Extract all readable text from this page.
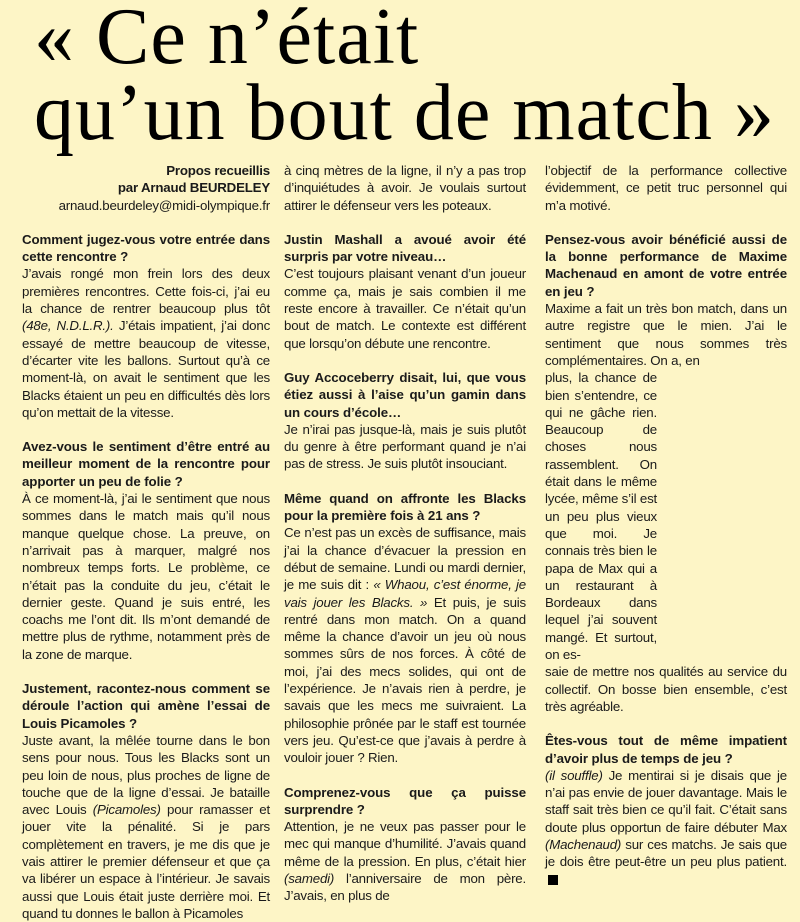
« Ce n’était
qu’un bout de match »

Propos recueillis
par Arnaud BEURDELEY

arnaud.beurdeley@midi-olympique.fr

Comment jugez-vous votre entrée dans cette rencontre ?

J’avais rongé mon frein lors des deux premières rencontres. Cette fois-ci, j’ai eu la chance de rentrer beaucoup plus tôt (48e, N.D.L.R.). J’étais impatient, j’ai donc essayé de mettre beaucoup de vitesse, d’écarter vite les ballons. Surtout qu’à ce moment-là, on avait le sentiment que les Blacks étaient un peu en difficultés dès lors qu’on mettait de la vitesse.

Avez-vous le sentiment d’être entré au meilleur moment de la rencontre pour apporter un peu de folie ?

À ce moment-là, j’ai le sentiment que nous sommes dans le match mais qu’il nous manque quelque chose. La preuve, on n’arrivait pas à marquer, malgré nos nombreux temps forts. Le problème, ce n’était pas la conduite du jeu, c’était le dernier geste. Quand je suis entré, les coachs me l’ont dit. Ils m’ont demandé de mettre plus de rythme, notamment près de la zone de marque.

Justement, racontez-nous comment se déroule l’action qui amène l’essai de Louis Picamoles ?

Juste avant, la mêlée tourne dans le bon sens pour nous. Tous les Blacks sont un peu loin de nous, plus proches de ligne de touche que de la ligne d’essai. Je bataille avec Louis (Picamoles) pour ramasser et jouer vite la pénalité. Si je pars complètement en travers, je me dis que je vais attirer le premier défenseur et que ça va libérer un espace à l’intérieur. Je savais aussi que Louis était juste derrière moi. Et quand tu donnes le ballon à Picamoles

à cinq mètres de la ligne, il n’y a pas trop d’inquiétudes à avoir. Je voulais surtout attirer le défenseur vers les poteaux.

Justin Mashall a avoué avoir été surpris par votre niveau…

C’est toujours plaisant venant d’un joueur comme ça, mais je sais combien il me reste encore à travailler. Ce n’était qu’un bout de match. Le contexte est différent que lorsqu’on débute une rencontre.

Guy Accoceberry disait, lui, que vous étiez aussi à l’aise qu’un gamin dans un cours d’école…

Je n’irai pas jusque-là, mais je suis plutôt du genre à être performant quand je n’ai pas de stress. Je suis plutôt insouciant.

Même quand on affronte les Blacks pour la première fois à 21 ans ?

Ce n’est pas un excès de suffisance, mais j’ai la chance d’évacuer la pression en début de semaine. Lundi ou mardi dernier, je me suis dit : « Whaou, c’est énorme, je vais jouer les Blacks. » Et puis, je suis rentré dans mon match. On a quand même la chance d’avoir un jeu où nous sommes sûrs de nos forces. À côté de moi, j’ai des mecs solides, qui ont de l’expérience. Je n’avais rien à perdre, je savais que les mecs me suivraient. La philosophie prônée par le staff est tournée vers jeu. Qu’est-ce que j’avais à perdre à vouloir jouer ? Rien.

Comprenez-vous que ça puisse surprendre ?

Attention, je ne veux pas passer pour le mec qui manque d’humilité. J’avais quand même de la pression. En plus, c’était hier (samedi) l’anniversaire de mon père. J’avais, en plus de

l’objectif de la performance collective évidemment, ce petit truc personnel qui m’a motivé.

Pensez-vous avoir bénéficié aussi de la bonne performance de Maxime Machenaud en amont de votre entrée en jeu ?

Maxime a fait un très bon match, dans un autre registre que le mien. J’ai le sentiment que nous sommes très complémentaires. On a, en

plus, la chance de bien s’entendre, ce qui ne gâche rien. Beaucoup de choses nous rassemblent. On était dans le même lycée, même s’il est un peu plus vieux que moi. Je connais très bien le papa de Max qui a un restaurant à Bordeaux dans lequel j’ai souvent mangé. Et surtout, on es-

saie de mettre nos qualités au service du collectif. On bosse bien ensemble, c’est très agréable.

Êtes-vous tout de même impatient d’avoir plus de temps de jeu ?

(il souffle) Je mentirai si je disais que je n’ai pas envie de jouer davantage. Mais le staff sait très bien ce qu’il fait. C’était sans doute plus opportun de faire débuter Max (Machenaud) sur ces matchs. Je sais que je dois être peut-être un peu plus patient.
